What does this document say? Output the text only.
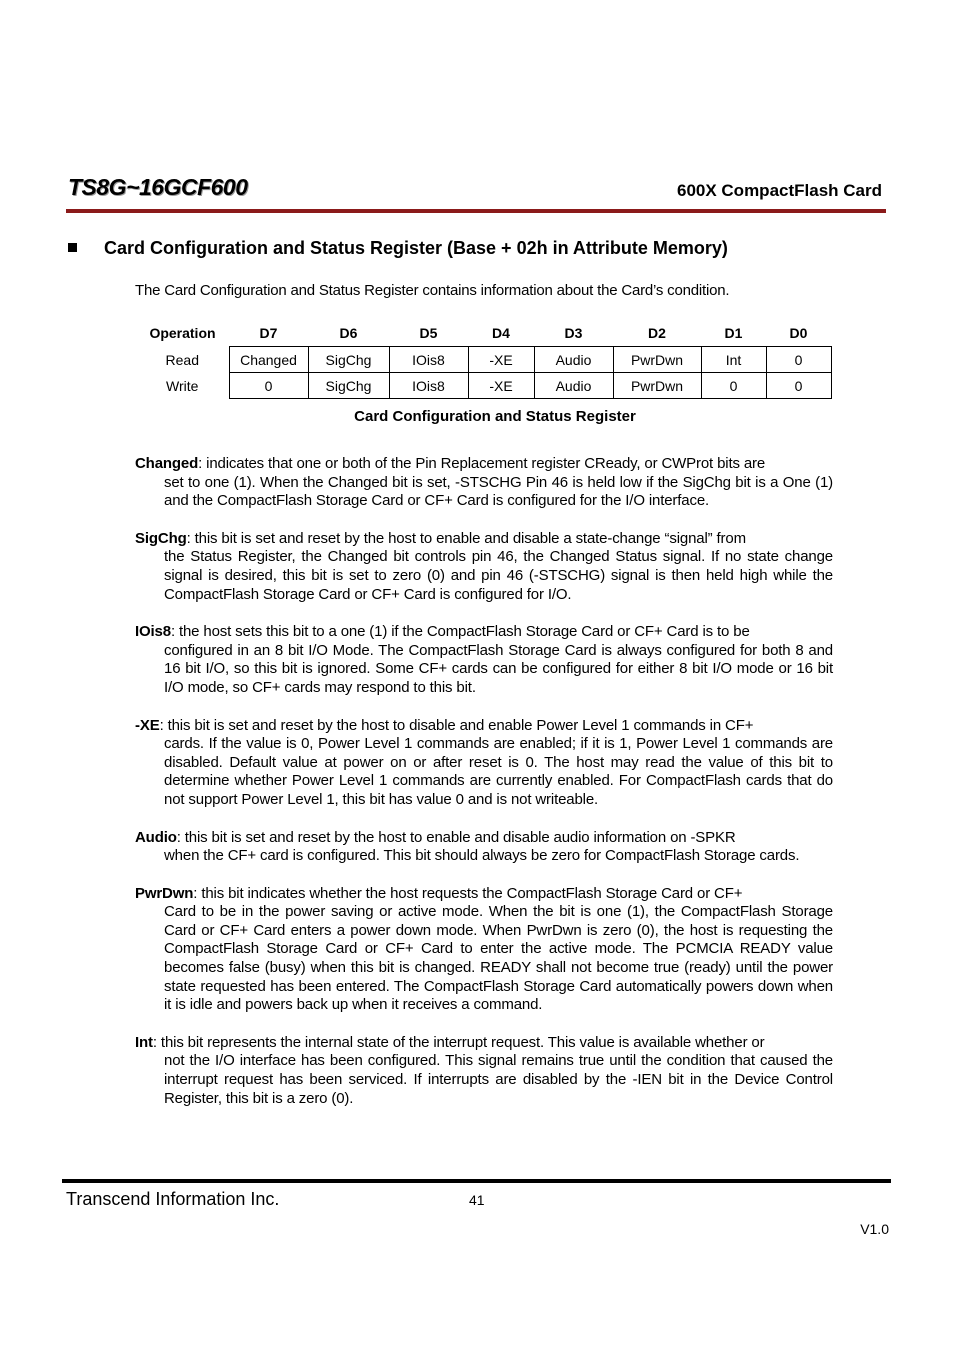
TS8G~16GCF600	600X CompactFlash Card
Card Configuration and Status Register (Base + 02h in Attribute Memory)
The Card Configuration and Status Register contains information about the Card’s condition.
Operation	D7	D6	D5	D4	D3	D2	D1	D0
Read	Changed	SigChg	IOis8	-XE	Audio	PwrDwn	Int	0
Write	0	SigChg	IOis8	-XE	Audio	PwrDwn	0	0
Card Configuration and Status Register
Changed: indicates that one or both of the Pin Replacement register CReady, or CWProt bits are
set to one (1). When the Changed bit is set, -STSCHG Pin 46 is held low if the SigChg bit is a One (1) and the CompactFlash Storage Card or CF+ Card is configured for the I/O interface.
SigChg: this bit is set and reset by the host to enable and disable a state-change “signal” from
the Status Register, the Changed bit controls pin 46, the Changed Status signal. If no state change signal is desired, this bit is set to zero (0) and pin 46 (-STSCHG) signal is then held high while the CompactFlash Storage Card or CF+ Card is configured for I/O.
IOis8: the host sets this bit to a one (1) if the CompactFlash Storage Card or CF+ Card is to be
configured in an 8 bit I/O Mode. The CompactFlash Storage Card is always configured for both 8 and 16 bit I/O, so this bit is ignored. Some CF+ cards can be configured for either 8 bit I/O mode or 16 bit I/O mode, so CF+ cards may respond to this bit.
-XE: this bit is set and reset by the host to disable and enable Power Level 1 commands in CF+
cards. If the value is 0, Power Level 1 commands are enabled; if it is 1, Power Level 1 commands are disabled. Default value at power on or after reset is 0. The host may read the value of this bit to determine whether Power Level 1 commands are currently enabled. For CompactFlash cards that do not support Power Level 1, this bit has value 0 and is not writeable.
Audio: this bit is set and reset by the host to enable and disable audio information on -SPKR
when the CF+ card is configured. This bit should always be zero for CompactFlash Storage cards.
PwrDwn: this bit indicates whether the host requests the CompactFlash Storage Card or CF+
Card to be in the power saving or active mode. When the bit is one (1), the CompactFlash Storage Card or CF+ Card enters a power down mode. When PwrDwn is zero (0), the host is requesting the CompactFlash Storage Card or CF+ Card to enter the active mode. The PCMCIA READY value becomes false (busy) when this bit is changed. READY shall not become true (ready) until the power state requested has been entered. The CompactFlash Storage Card automatically powers down when it is idle and powers back up when it receives a command.
Int: this bit represents the internal state of the interrupt request. This value is available whether or
not the I/O interface has been configured. This signal remains true until the condition that caused the interrupt request has been serviced. If interrupts are disabled by the -IEN bit in the Device Control Register, this bit is a zero (0).
Transcend Information Inc.	41
V1.0
